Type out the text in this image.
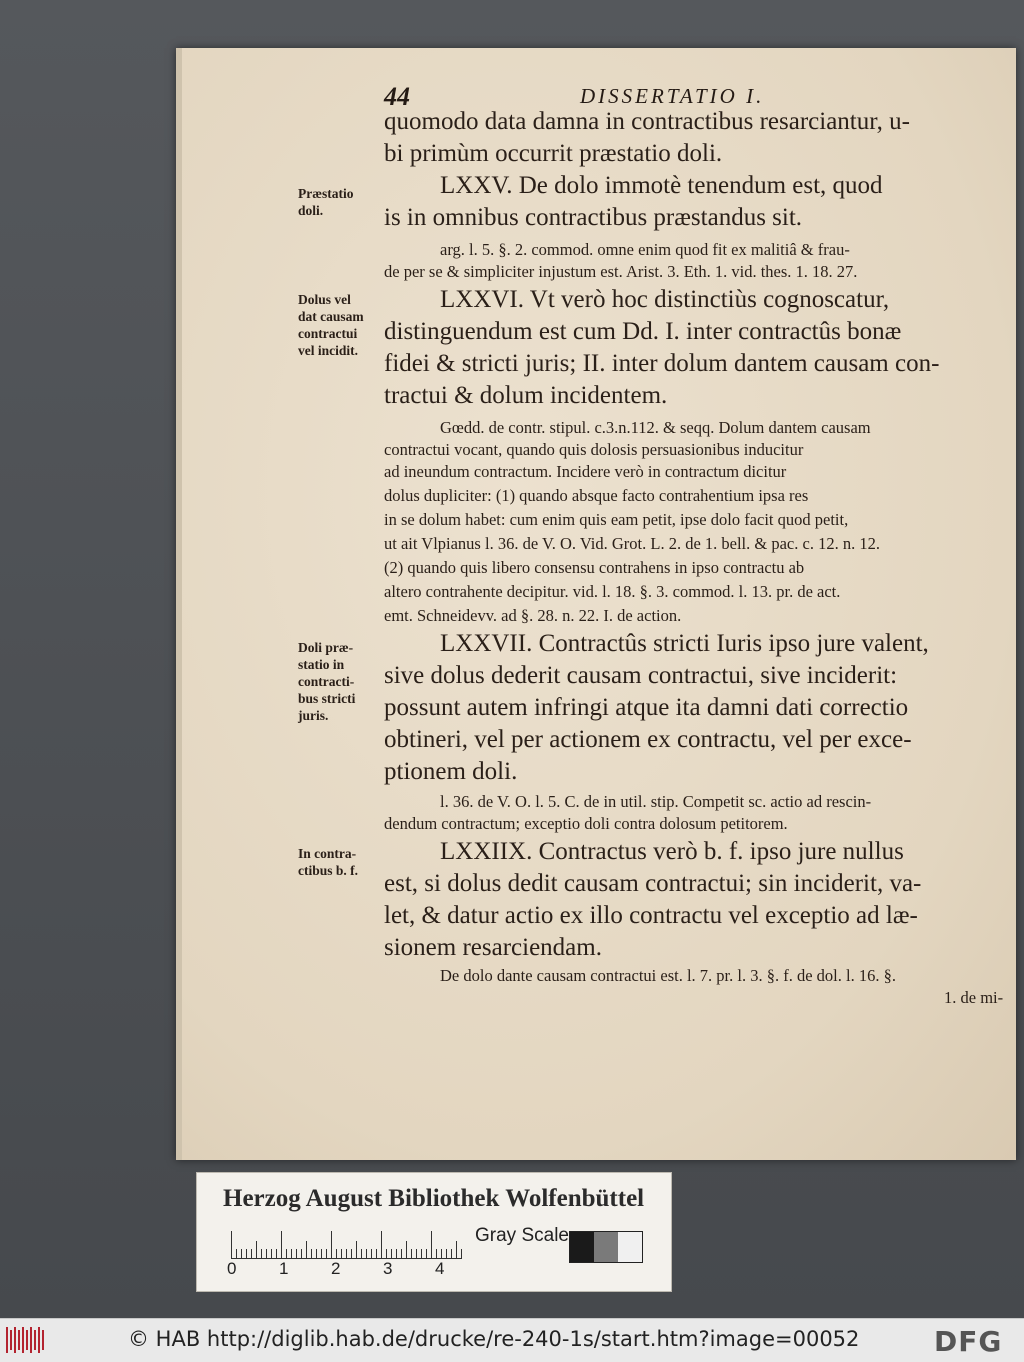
44	DISSERTATIO I.
quomodo data damna in contractibus resarciantur, u-
bi primùm occurrit præstatio doli.
LXXV. De dolo immotè tenendum est, quod
is in omnibus contractibus præstandus sit.
arg. l. 5. §. 2. commod. omne enim quod fit ex malitiâ & frau-
de per se & simpliciter injustum est. Arist. 3. Eth. 1. vid. thes. 1. 18. 27.
LXXVI. Vt verò hoc distinctiùs cognoscatur,
distinguendum est cum Dd. I. inter contractûs bonæ
fidei & stricti juris; II. inter dolum dantem causam con-
tractui & dolum incidentem.
Gœdd. de contr. stipul. c.3.n.112. & seqq. Dolum dantem causam
contractui vocant, quando quis dolosis persuasionibus inducitur
ad ineundum contractum. Incidere verò in contractum dicitur
dolus dupliciter: (1) quando absque facto contrahentium ipsa res
in se dolum habet: cum enim quis eam petit, ipse dolo facit quod petit,
ut ait Vlpianus l. 36. de V. O. Vid. Grot. L. 2. de 1. bell. & pac. c. 12. n. 12.
(2) quando quis libero consensu contrahens in ipso contractu ab
altero contrahente decipitur. vid. l. 18. §. 3. commod. l. 13. pr. de act.
emt. Schneidevv. ad §. 28. n. 22. I. de action.
LXXVII. Contractûs stricti Iuris ipso jure valent,
sive dolus dederit causam contractui, sive inciderit:
possunt autem infringi atque ita damni dati correctio
obtineri, vel per actionem ex contractu, vel per exce-
ptionem doli.
l. 36. de V. O. l. 5. C. de in util. stip. Competit sc. actio ad rescin-
dendum contractum; exceptio doli contra dolosum petitorem.
LXXIIX. Contractus verò b. f. ipso jure nullus
est, si dolus dedit causam contractui; sin inciderit, va-
let, & datur actio ex illo contractu vel exceptio ad læ-
sionem resarciendam.
De dolo dante causam contractui est. l. 7. pr. l. 3. §. f. de dol. l. 16. §.
1. de mi-
Præstatio
doli.
Dolus vel
dat causam
contractui
vel incidit.
Doli præ-
statio in
contracti-
bus stricti
juris.
In contra-
ctibus b. f.
Herzog August Bibliothek Wolfenbüttel
0	1	2	3	4
Gray Scale
© HAB http://diglib.hab.de/drucke/re-240-1s/start.htm?image=00052	DFG
